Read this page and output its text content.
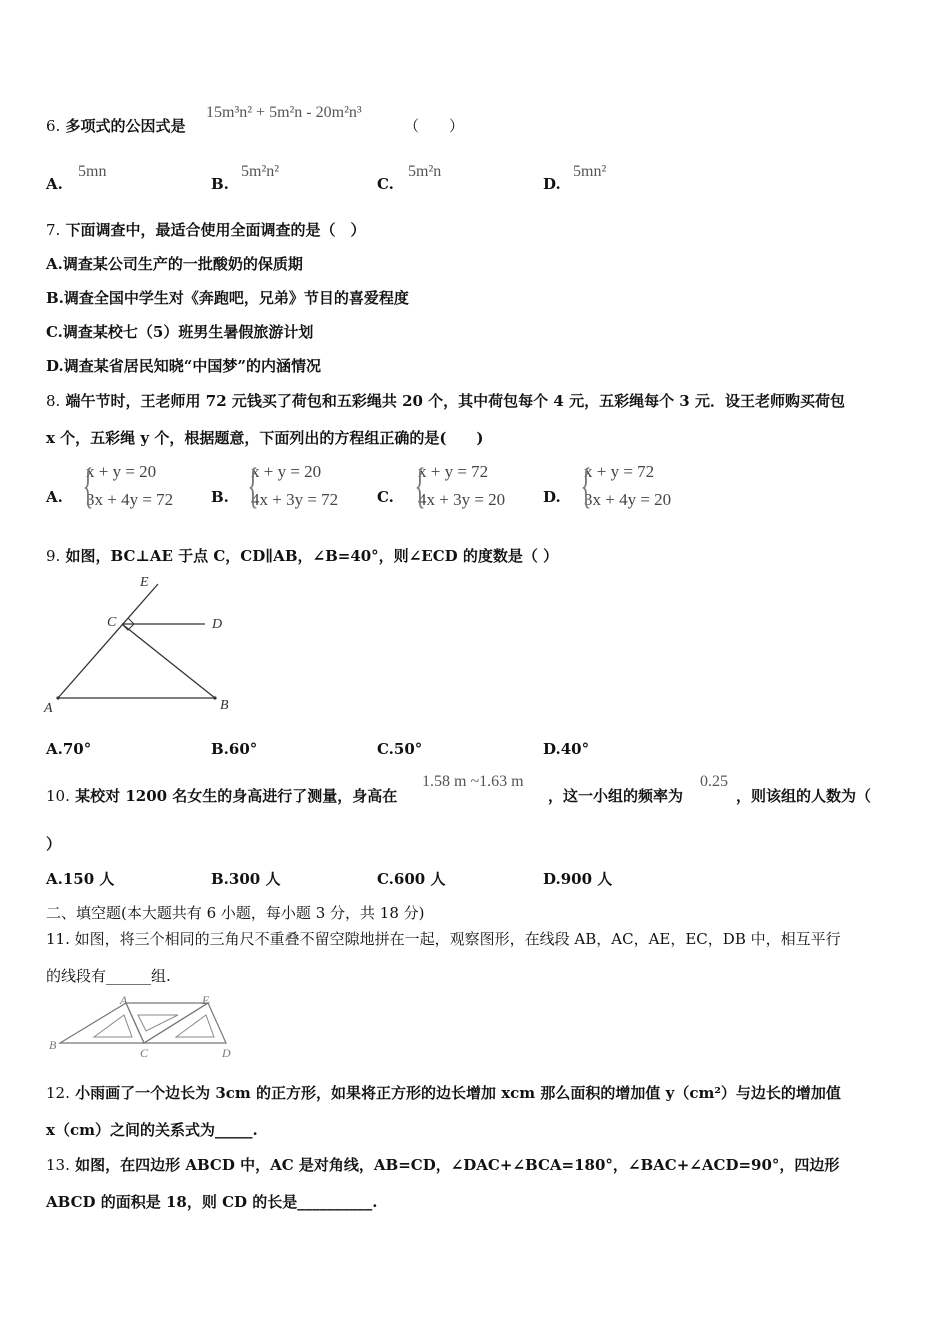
6. 多项式的公因式是
15m³n² + 5m²n - 20m²n³
（　　）
A.
5mn
B.
5m²n²
C.
5m²n
D.
5mn²
7. 下面调查中，最适合使用全面调查的是（　）
A.调查某公司生产的一批酸奶的保质期
B.调查全国中学生对《奔跑吧，兄弟》节目的喜爱程度
C.调查某校七（5）班男生暑假旅游计划
D.调查某省居民知晓“中国梦”的内涵情况
8. 端午节时，王老师用 72 元钱买了荷包和五彩绳共 20 个，其中荷包每个 4 元，五彩绳每个 3 元．设王老师购买荷包
x 个，五彩绳 y 个，根据题意，下面列出的方程组正确的是(　　)
A. {
x + y = 20
3x + 4y = 72	B. {
x + y = 20
4x + 3y = 72	C. {
x + y = 72
4x + 3y = 20	D. {
x + y = 72
3x + 4y = 20
9. 如图，BC⊥AE 于点 C，CD∥AB，∠B=40°，则∠ECD 的度数是（ ）
E
C	D
A	B
A.70°	B.60°	C.50°	D.40°
10. 某校对 1200 名女生的身高进行了测量，身高在
1.58 m ~1.63 m
，这一小组的频率为
0.25
，则该组的人数为（
）
A.150 人	B.300 人	C.600 人	D.900 人
二、填空题(本大题共有 6 小题，每小题 3 分，共 18 分)
11. 如图，将三个相同的三角尺不重叠不留空隙地拼在一起，观察图形，在线段 AB，AC，AE，EC，DB 中，相互平行
的线段有______组.
A	E
B
C	D
12. 小雨画了一个边长为 3cm 的正方形，如果将正方形的边长增加 xcm 那么面积的增加值 y（cm²）与边长的增加值
x（cm）之间的关系式为_____.
13. 如图，在四边形 ABCD 中，AC 是对角线，AB=CD，∠DAC+∠BCA=180°，∠BAC+∠ACD=90°，四边形
ABCD 的面积是 18，则 CD 的长是__________.
